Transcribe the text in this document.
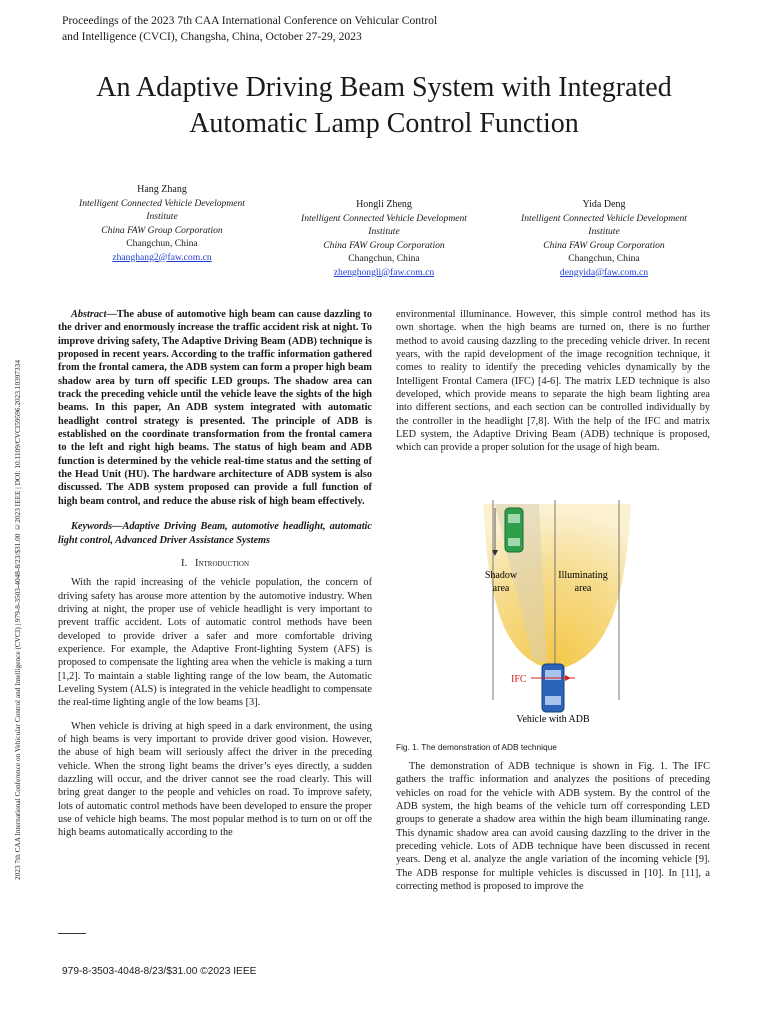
2023 7th CAA International Conference on Vehicular Control and Intelligence (CVCI) | 979-8-3503-4048-8/23/$31.00 ©2023 IEEE | DOI: 10.1109/CVCI59596.2023.10397334
Proceedings of the 2023 7th CAA International Conference on Vehicular Control
and Intelligence (CVCI), Changsha, China, October 27-29, 2023
An Adaptive Driving Beam System with Integrated
Automatic Lamp Control Function
Hang Zhang
Intelligent Connected Vehicle Development
Institute
China FAW Group Corporation
Changchun, China
zhanghang2@faw.com.cn
Hongli Zheng
Intelligent Connected Vehicle Development
Institute
China FAW Group Corporation
Changchun, China
zhenghongli@faw.com.cn
Yida Deng
Intelligent Connected Vehicle Development
Institute
China FAW Group Corporation
Changchun, China
dengyida@faw.com.cn

Abstract—The abuse of automotive high beam can cause dazzling to the driver and enormously increase the traffic accident risk at night. To improve driving safety, The Adaptive Driving Beam (ADB) technique is proposed in recent years. According to the traffic information gathered from the frontal camera, the ADB system can form a proper high beam shadow area by turn off specific LED groups. The shadow area can track the preceding vehicle until the vehicle leave the sights of the high beams. In this paper, An ADB system integrated with automatic headlight control strategy is presented. The principle of ADB is established on the coordinate transformation from the frontal camera to the left and right high beams. The status of high beam and ADB function is determined by the vehicle real-time status and the setting of the Head Unit (HU). The hardware architecture of ADB system is also discussed. The ADB system proposed can provide a full function of high beam control, and reduce the abuse risk of high beam effectively.

Keywords—Adaptive Driving Beam, automotive headlight, automatic light control, Advanced Driver Assistance Systems

I. Introduction

With the rapid increasing of the vehicle population, the concern of driving safety has arouse more attention by the automotive industry. When driving at night, the proper use of vehicle headlight is very important to prevent traffic accident. Lots of automatic control methods have been developed to provide driver a safer and more comfortable driving experience. For example, the Adaptive Front-lighting System (AFS) is proposed to compensate the lighting area when the vehicle is making a turn [1,2]. To maintain a stable lighting range of the low beam, the Automatic Leveling System (ALS) is integrated in the vehicle headlight to compensate the real-time lighting angle of the low beams [3].

When vehicle is driving at high speed in a dark environment, the using of high beams is very important to provide driver good vision. However, the abuse of high beam will seriously affect the driver in the preceding vehicle. When the strong light beams the driver’s eyes directly, a sudden dazzling will occur, and the driver cannot see the road clearly. This will bring great danger to the people and vehicles on road. To improve safety, lots of automatic control methods have been developed to ensure the proper use of vehicle high beams. The most popular method is to turn on or off the high beams automatically according to the

environmental illuminance. However, this simple control method has its own shortage. when the high beams are turned on, there is no further method to avoid causing dazzling to the preceding vehicle driver. In recent years, with the rapid development of the image recognition technique, it comes to reality to identify the preceding vehicles dynamically by the Intelligent Frontal Camera (IFC) [4-6]. The matrix LED technique is also developed, which provide means to separate the high beam lighting area into different sections, and each section can be controlled individually by the controller in the headlight [7,8]. With the help of the IFC and matrix LED system, the Adaptive Driving Beam (ADB) technique is proposed, which can provide a proper solution for the usage of high beam.

Shadow
area
Illuminating
area
IFC
Vehicle with ADB
Fig. 1. The demonstration of ADB technique

The demonstration of ADB technique is shown in Fig. 1. The IFC gathers the traffic information and analyzes the positions of preceding vehicles on road for the vehicle with ADB system. By the control of the ADB system, the high beams of the vehicle turn off corresponding LED groups to generate a shadow area within the high beam illuminating range. This dynamic shadow area can avoid causing dazzling to the driver in the preceding vehicle. Lots of ADB technique have been discussed in recent years. Deng et al. analyze the angle variation of the incoming vehicle [9]. The ADB response for multiple vehicles is discussed in [10]. In [11], a correcting method is proposed to improve the

979-8-3503-4048-8/23/$31.00 ©2023 IEEE
